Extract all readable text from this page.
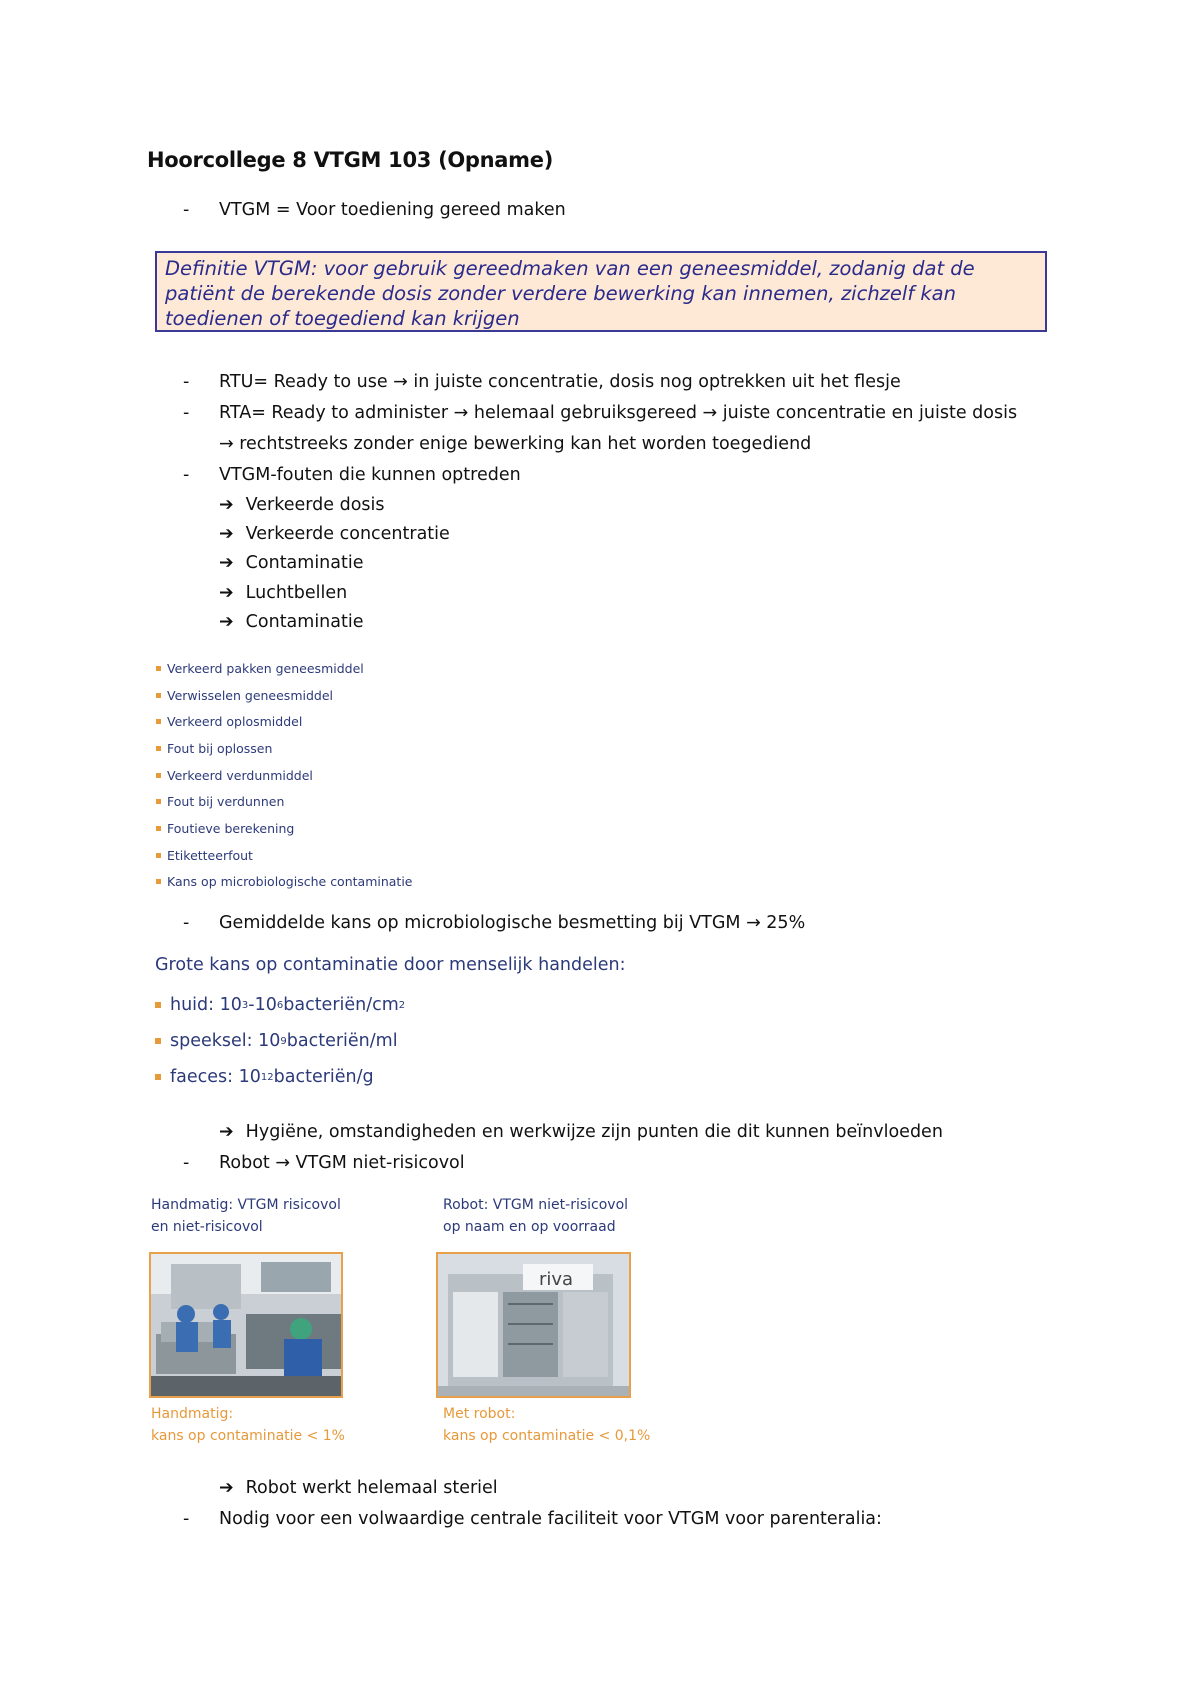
Hoorcollege 8 VTGM 103 (Opname)
- VTGM = Voor toediening gereed maken
Definitie VTGM: voor gebruik gereedmaken van een geneesmiddel, zodanig dat de patiënt de berekende dosis zonder verdere bewerking kan innemen, zichzelf kan toedienen of toegediend kan krijgen
- RTU= Ready to use → in juiste concentratie, dosis nog optrekken uit het flesje
- RTA= Ready to administer → helemaal gebruiksgereed → juiste concentratie en juiste dosis
→ rechtstreeks zonder enige bewerking kan het worden toegediend
- VTGM-fouten die kunnen optreden
➔ Verkeerde dosis
➔ Verkeerde concentratie
➔ Contaminatie
➔ Luchtbellen
➔ Contaminatie
Verkeerd pakken geneesmiddel
Verwisselen geneesmiddel
Verkeerd oplosmiddel
Fout bij oplossen
Verkeerd verdunmiddel
Fout bij verdunnen
Foutieve berekening
Etiketteerfout
Kans op microbiologische contaminatie
- Gemiddelde kans op microbiologische besmetting bij VTGM → 25%
Grote kans op contaminatie door menselijk handelen:
huid: 10 3 -10 6 bacteriën/cm 2
speeksel: 10 9 bacteriën/ml
faeces: 10 12 bacteriën/g
➔ Hygiëne, omstandigheden en werkwijze zijn punten die dit kunnen beïnvloeden
- Robot → VTGM niet-risicovol
Handmatig: VTGM risicovol
en niet-risicovol
Robot: VTGM niet-risicovol
op naam en op voorraad
riva
Handmatig:
kans op contaminatie < 1%
Met robot:
kans op contaminatie < 0,1%
➔ Robot werkt helemaal steriel
- Nodig voor een volwaardige centrale faciliteit voor VTGM voor parenteralia:
